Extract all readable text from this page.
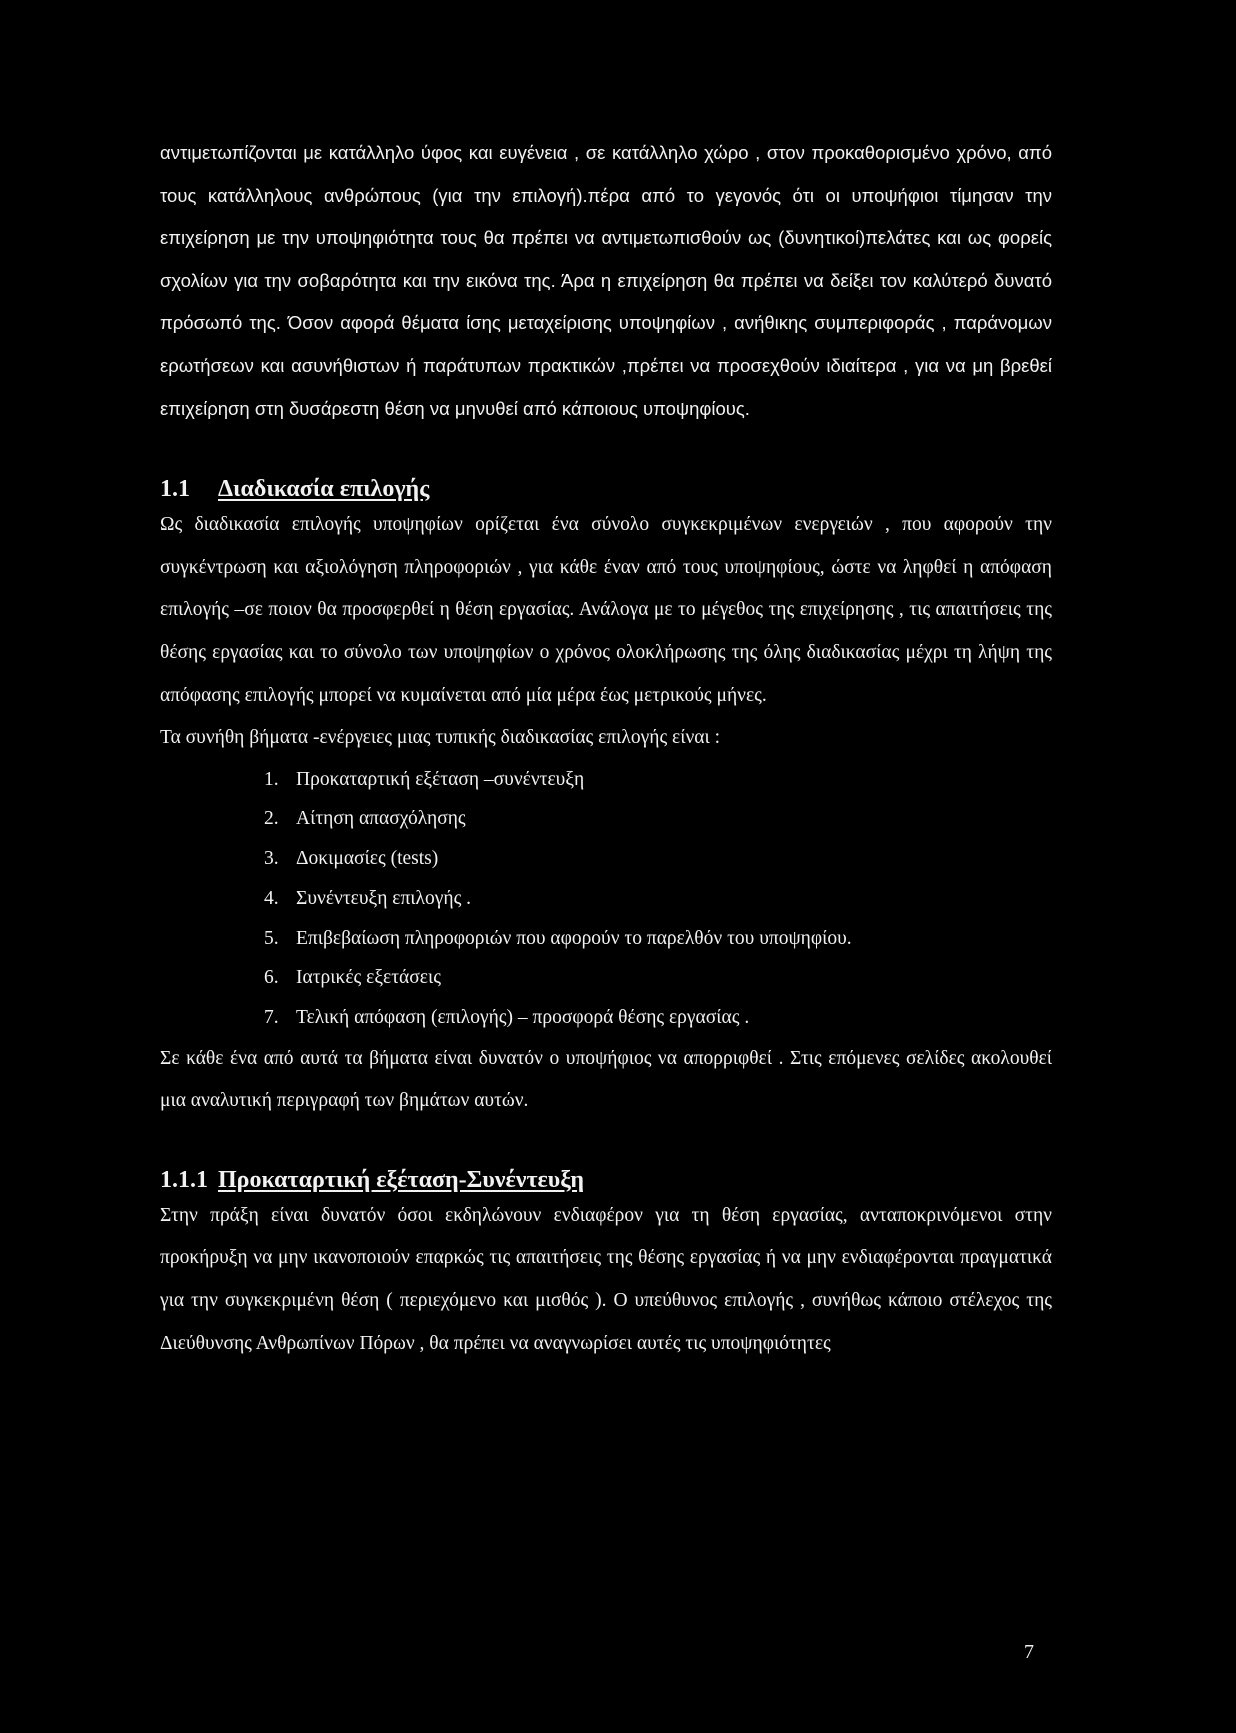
αντιμετωπίζονται με κατάλληλο ύφος και ευγένεια , σε κατάλληλο χώρο , στον προκαθορισμένο χρόνο, από τους κατάλληλους ανθρώπους (για την επιλογή).πέρα από το γεγονός ότι οι υποψήφιοι τίμησαν την επιχείρηση με την υποψηφιότητα τους θα πρέπει να αντιμετωπισθούν ως (δυνητικοί)πελάτες και ως φορείς σχολίων για την σοβαρότητα και την εικόνα της. Άρα η επιχείρηση θα πρέπει να δείξει τον καλύτερό δυνατό πρόσωπό της. Όσον αφορά θέματα ίσης μεταχείρισης υποψηφίων , ανήθικης συμπεριφοράς , παράνομων ερωτήσεων και ασυνήθιστων ή παράτυπων πρακτικών ,πρέπει να προσεχθούν ιδιαίτερα , για να μη βρεθεί επιχείρηση στη δυσάρεστη θέση να μηνυθεί από κάποιους υποψηφίους.

1.1 Διαδικασία επιλογής

Ως διαδικασία επιλογής υποψηφίων ορίζεται ένα σύνολο συγκεκριμένων ενεργειών , που αφορούν την συγκέντρωση και αξιολόγηση πληροφοριών , για κάθε έναν από τους υποψηφίους, ώστε να ληφθεί η απόφαση επιλογής –σε ποιον θα προσφερθεί η θέση εργασίας. Ανάλογα με το μέγεθος της επιχείρησης , τις απαιτήσεις της θέσης εργασίας και το σύνολο των υποψηφίων ο χρόνος ολοκλήρωσης της όλης διαδικασίας μέχρι τη λήψη της απόφασης επιλογής μπορεί να κυμαίνεται από μία μέρα έως μετρικούς μήνες.

Τα συνήθη βήματα -ενέργειες μιας τυπικής διαδικασίας επιλογής είναι :

1. Προκαταρτική εξέταση –συνέντευξη
2. Αίτηση απασχόλησης
3. Δοκιμασίες (tests)
4. Συνέντευξη επιλογής .
5. Επιβεβαίωση πληροφοριών που αφορούν το παρελθόν του υποψηφίου.
6. Ιατρικές εξετάσεις
7. Τελική απόφαση (επιλογής) – προσφορά θέσης εργασίας .

Σε κάθε ένα από αυτά τα βήματα είναι δυνατόν ο υποψήφιος να απορριφθεί . Στις επόμενες σελίδες ακολουθεί μια αναλυτική περιγραφή των βημάτων αυτών.

1.1.1 Προκαταρτική εξέταση-Συνέντευξη

Στην πράξη είναι δυνατόν όσοι εκδηλώνουν ενδιαφέρον για τη θέση εργασίας, ανταποκρινόμενοι στην προκήρυξη να μην ικανοποιούν επαρκώς τις απαιτήσεις της θέσης εργασίας ή να μην ενδιαφέρονται πραγματικά για την συγκεκριμένη θέση ( περιεχόμενο και μισθός ). Ο υπεύθυνος επιλογής , συνήθως κάποιο στέλεχος της Διεύθυνσης Ανθρωπίνων Πόρων , θα πρέπει να αναγνωρίσει αυτές τις υποψηφιότητες

7
